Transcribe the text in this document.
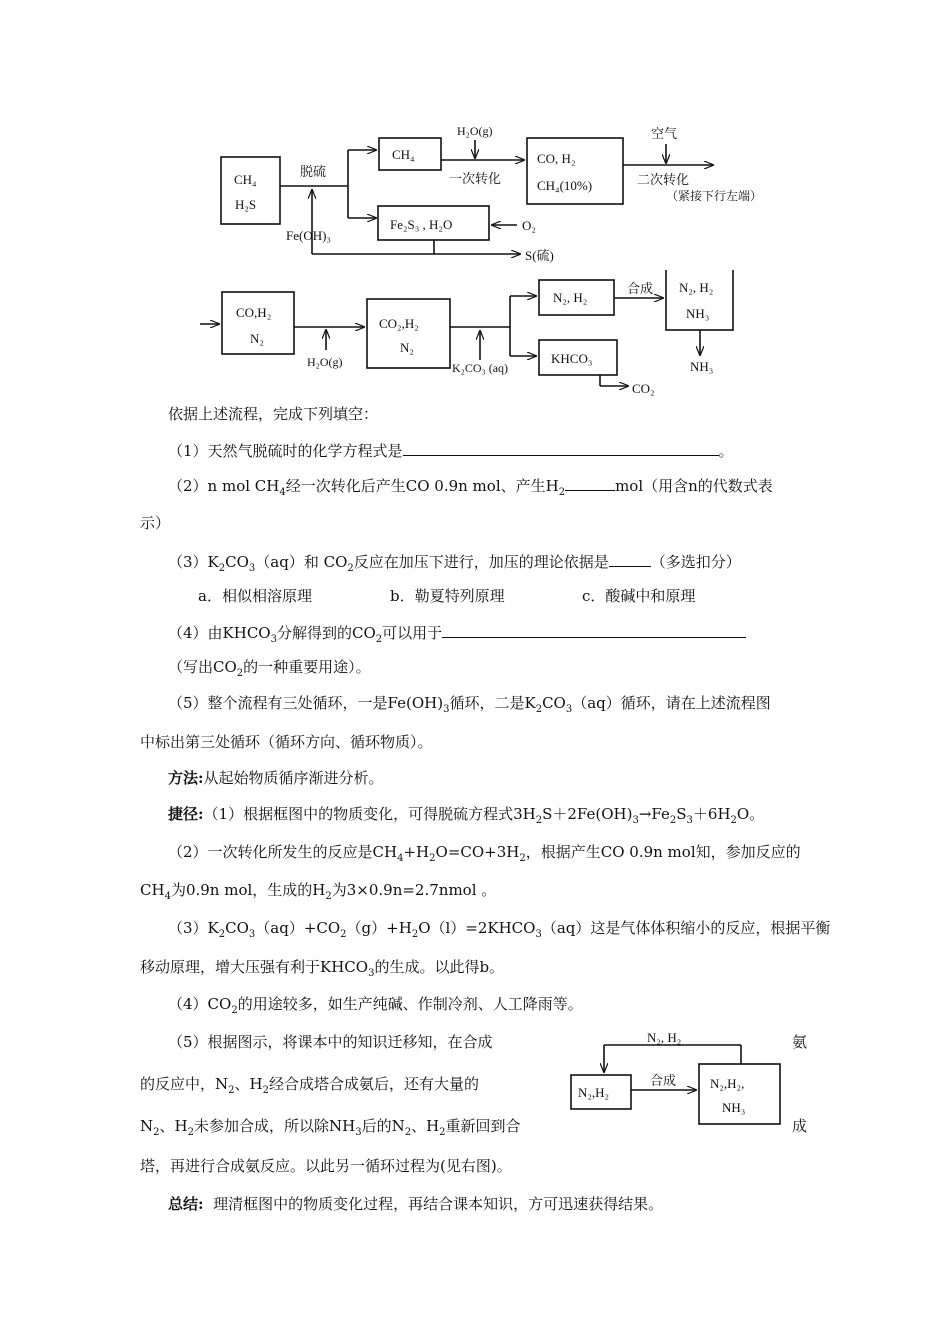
CH₄
H₂S
脱硫
CH₄
H₂O(g)
一次转化
CO, H₂
CH₄(10%)
空气
二次转化
（紧接下行左端）
Fe(OH)₃
Fe₂S₃ , H₂O	O₂
S(硫)
CO,H₂
N₂
H₂O(g)
CO₂,H₂
N₂
K₂CO₃ (aq)
N₂, H₂
合成 N₂, H₂
NH₃
KHCO₃
CO₂
NH₃
依据上述流程，完成下列填空：
（1）天然气脱硫时的化学方程式是	。
（2）n mol $CH_4$经一次转化后产生CO 0.9n mol、产生$H_2$	mol（用含n的代数式表
示）
$(3)K_2CO_3(aq)$和 $CO_2$反应在加压下进行，加压的理论依据是	（多选扣分）
a．相似相溶原理	b．勒夏特列原理	c．酸碱中和原理
（4）由$KHCO_3$分解得到的$CO_2$可以用于
（写出$CO_2$的一种重要用途）。
（5）整个流程有三处循环，一是$Fe(OH)_3$循环，二是$K_2CO_3(aq)$循环，请在上述流程图
中标出第三处循环（循环方向、循环物质）。
方法:从起始物质循序渐进分析。
捷径:（1）根据框图中的物质变化，可得脱硫方程式$3H_2S+2Fe(OH)_3\to Fe_2S_3+6H_2O$。
（2）一次转化所发生的反应是$CH_4+H_2O=CO+3H_2$，根据产生CO 0.9n mol知，参加反应的
$CH_4$为0.9n mol，生成的$H_2$为3×0.9n=2.7nmol 。
$(3)K_2CO_3(aq)+CO_2(g)+H_2O(l)=2KHCO_3(aq)$这是气体体积缩小的反应，根据平衡
移动原理，增大压强有利于$KHCO_3$的生成。以此得b。
$(4)CO_2$的用途较多，如生产纯碱、作制冷剂、人工降雨等。
（5）根据图示，将课本中的知识迁移知，在合成	氨
的反应中，$N_2$、$H_2$经合成塔合成氨后，还有大量的
$N_2$、$H_2$未参加合成，所以除$NH_3$后的$N_2$、$H_2$重新回到合	成
塔，再进行合成氨反应。以此另一循环过程为(见右图)。
N₂, H₂
N₂,H₂
合成	N₂,H₂,
NH₃
总结: 理清框图中的物质变化过程，再结合课本知识，方可迅速获得结果。
